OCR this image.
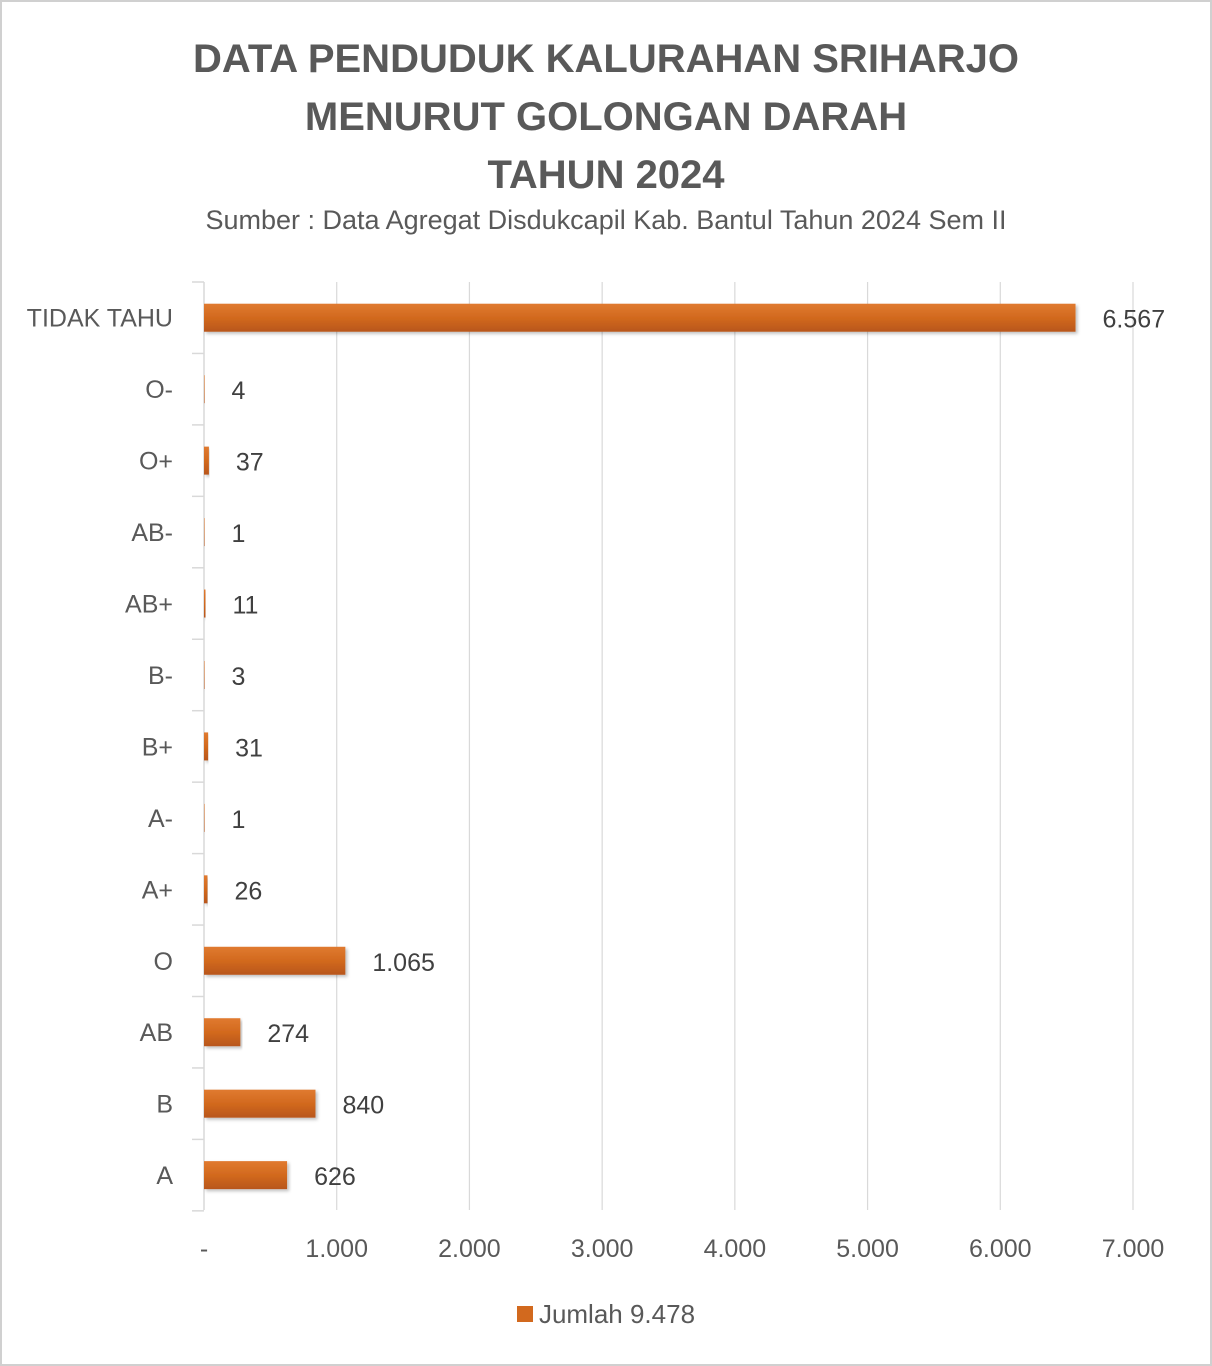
DATA PENDUDUK KALURAHAN SRIHARJO
MENURUT GOLONGAN DARAH
TAHUN 2024
Sumber : Data Agregat Disdukcapil Kab. Bantul Tahun 2024 Sem II
-	1.000	2.000	3.000	4.000	5.000	6.000	7.000
TIDAK TAHU	6.567
O- 4
O+	37
AB- 1
AB+ 11
B- 3
B+ 31
A- 1
A+ 26
O	1.065
AB	274
B	840
A	626
Jumlah 9.478
